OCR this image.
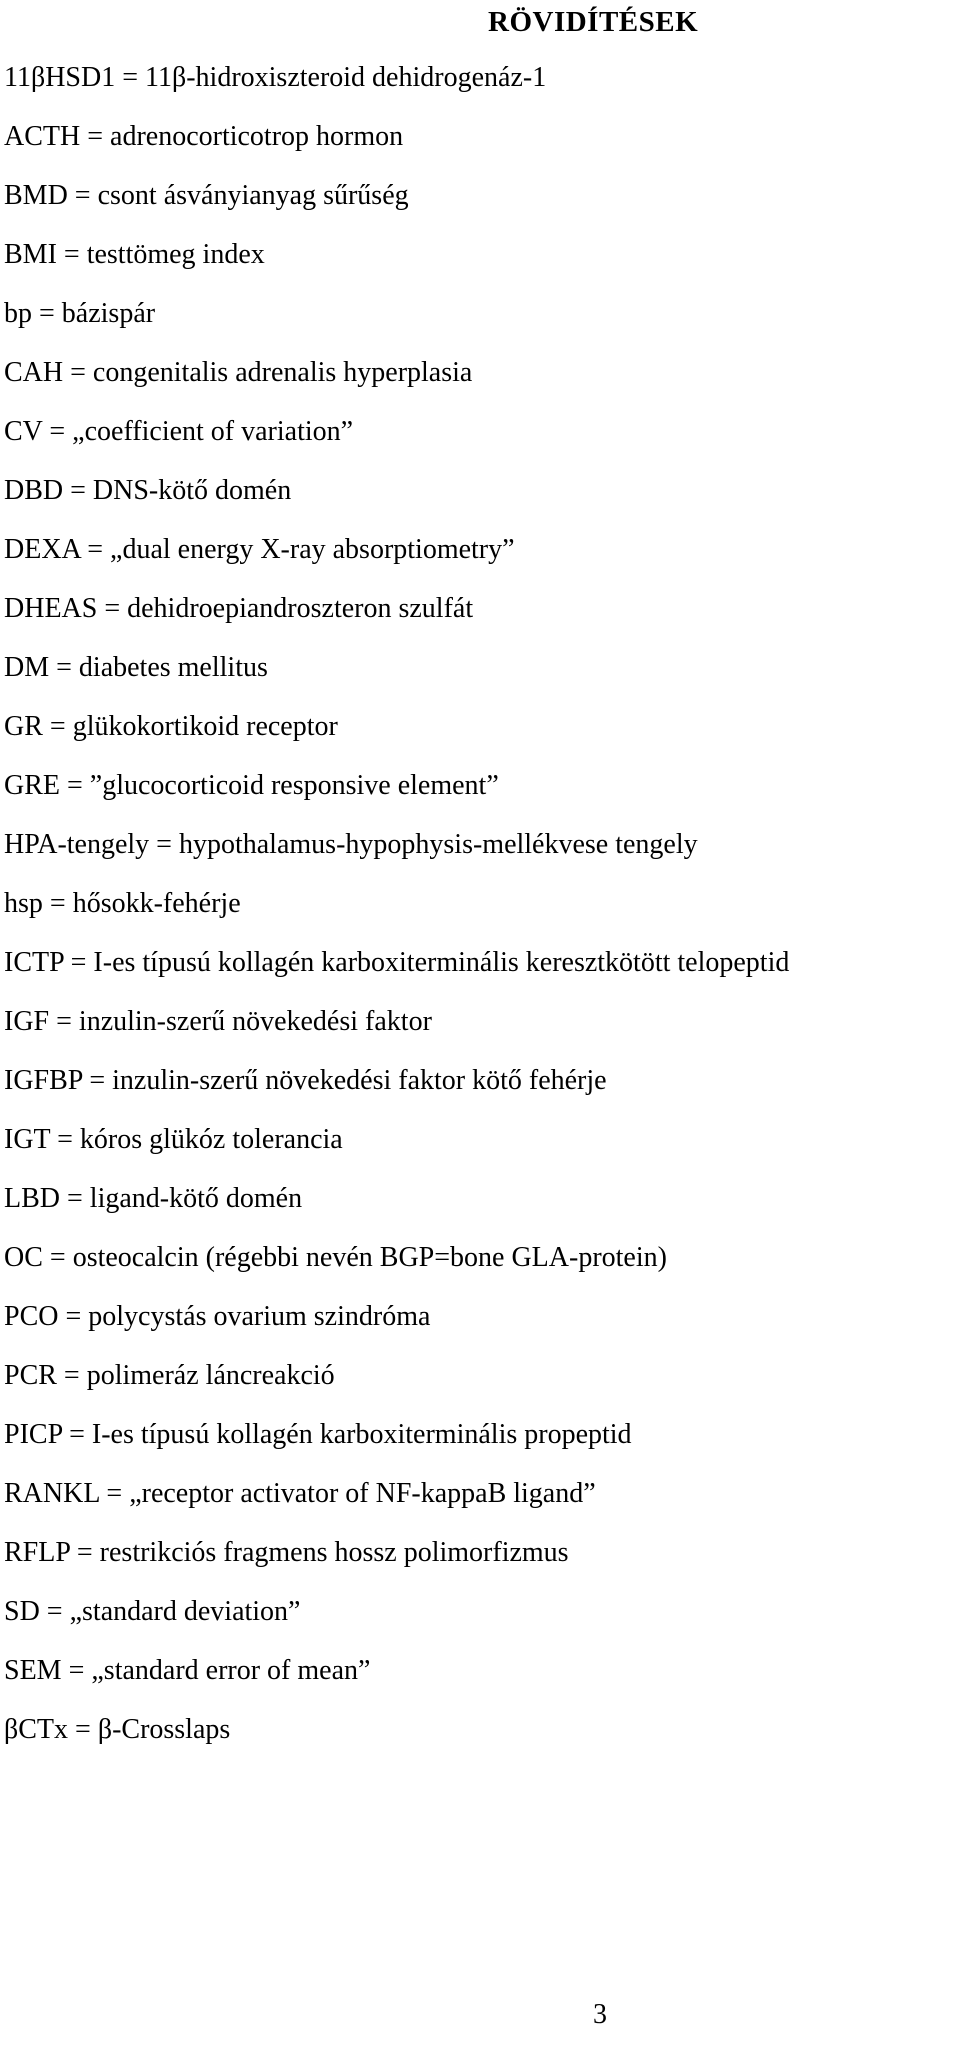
RÖVIDÍTÉSEK
11βHSD1 = 11β-hidroxiszteroid dehidrogenáz-1
ACTH = adrenocorticotrop hormon
BMD = csont ásványianyag sűrűség
BMI = testtömeg index
bp = bázispár
CAH = congenitalis adrenalis hyperplasia
CV = „coefficient of variation”
DBD = DNS-kötő domén
DEXA = „dual energy X-ray absorptiometry”
DHEAS = dehidroepiandroszteron szulfát
DM = diabetes mellitus
GR = glükokortikoid receptor
GRE = ”glucocorticoid responsive element”
HPA-tengely = hypothalamus-hypophysis-mellékvese tengely
hsp = hősokk-fehérje
ICTP = I-es típusú kollagén karboxiterminális keresztkötött telopeptid
IGF = inzulin-szerű növekedési faktor
IGFBP = inzulin-szerű növekedési faktor kötő fehérje
IGT = kóros glükóz tolerancia
LBD = ligand-kötő domén
OC = osteocalcin (régebbi nevén BGP=bone GLA-protein)
PCO = polycystás ovarium szindróma
PCR = polimeráz láncreakció
PICP = I-es típusú kollagén karboxiterminális propeptid
RANKL = „receptor activator of NF-kappaB ligand”
RFLP = restrikciós fragmens hossz polimorfizmus
SD = „standard deviation”
SEM = „standard error of mean”
βCTx = β-Crosslaps
3
